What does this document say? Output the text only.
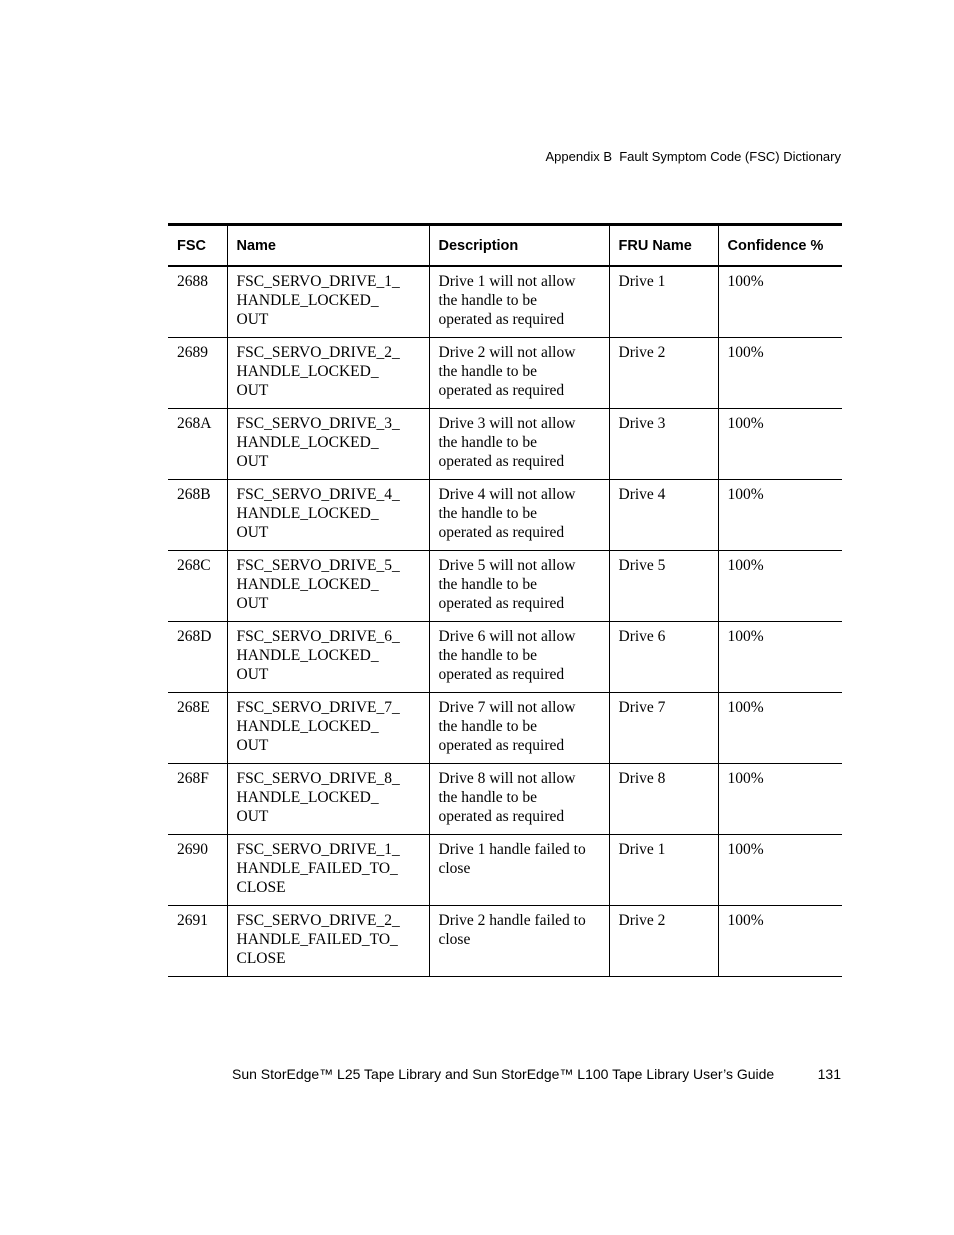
Appendix B  Fault Symptom Code (FSC) Dictionary
FSC	Name	Description	FRU Name	Confidence %
2688	FSC_SERVO_DRIVE_1_
HANDLE_LOCKED_
OUT	Drive 1 will not allow
the handle to be
operated as required	Drive 1	100%
2689	FSC_SERVO_DRIVE_2_
HANDLE_LOCKED_
OUT	Drive 2 will not allow
the handle to be
operated as required	Drive 2	100%
268A	FSC_SERVO_DRIVE_3_
HANDLE_LOCKED_
OUT	Drive 3 will not allow
the handle to be
operated as required	Drive 3	100%
268B	FSC_SERVO_DRIVE_4_
HANDLE_LOCKED_
OUT	Drive 4 will not allow
the handle to be
operated as required	Drive 4	100%
268C	FSC_SERVO_DRIVE_5_
HANDLE_LOCKED_
OUT	Drive 5 will not allow
the handle to be
operated as required	Drive 5	100%
268D	FSC_SERVO_DRIVE_6_
HANDLE_LOCKED_
OUT	Drive 6 will not allow
the handle to be
operated as required	Drive 6	100%
268E	FSC_SERVO_DRIVE_7_
HANDLE_LOCKED_
OUT	Drive 7 will not allow
the handle to be
operated as required	Drive 7	100%
268F	FSC_SERVO_DRIVE_8_
HANDLE_LOCKED_
OUT	Drive 8 will not allow
the handle to be
operated as required	Drive 8	100%
2690	FSC_SERVO_DRIVE_1_
HANDLE_FAILED_TO_
CLOSE	Drive 1 handle failed to
close	Drive 1	100%
2691	FSC_SERVO_DRIVE_2_
HANDLE_FAILED_TO_
CLOSE	Drive 2 handle failed to
close	Drive 2	100%
Sun StorEdge™ L25 Tape Library and Sun StorEdge™ L100 Tape Library User’s Guide	131
